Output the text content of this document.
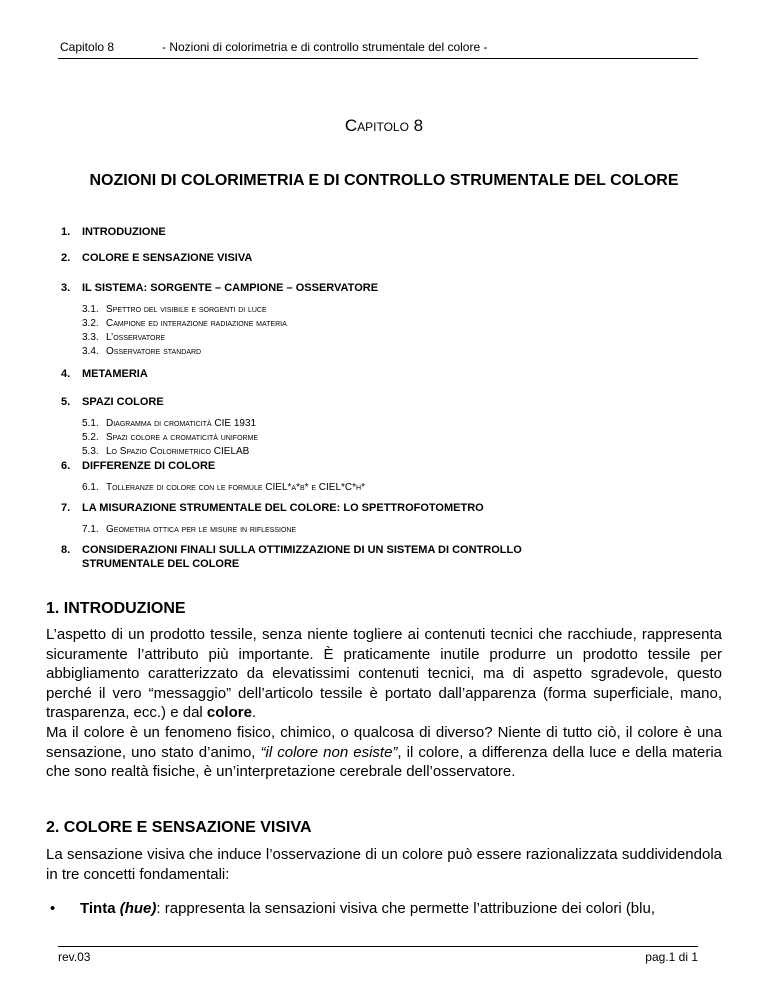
Capitolo 8	- Nozioni di colorimetria e di controllo strumentale del colore -
Capitolo 8
NOZIONI DI COLORIMETRIA E DI CONTROLLO STRUMENTALE DEL COLORE
1. INTRODUZIONE
2. COLORE E SENSAZIONE VISIVA
3. IL SISTEMA: SORGENTE – CAMPIONE – OSSERVATORE
3.1. Spettro del visibile e sorgenti di luce
3.2. Campione ed interazione radiazione materia
3.3. L’osservatore
3.4. Osservatore standard
4. METAMERIA
5. SPAZI COLORE
5.1. Diagramma di cromaticità CIE 1931
5.2. Spazi colore a cromaticità uniforme
5.3. Lo Spazio Colorimetrico CIELAB
6. DIFFERENZE DI COLORE
6.1. Tolleranze di colore con le formule CIEL*a*b* e CIEL*C*h*
7. LA MISURAZIONE STRUMENTALE DEL COLORE: LO SPETTROFOTOMETRO
7.1. Geometria ottica per le misure in riflessione
8. CONSIDERAZIONI FINALI SULLA OTTIMIZZAZIONE DI UN SISTEMA DI CONTROLLO
STRUMENTALE DEL COLORE
1. INTRODUZIONE
L’aspetto di un prodotto tessile, senza niente togliere ai contenuti tecnici che racchiude, rappresenta sicuramente l’attributo più importante. È praticamente inutile produrre un prodotto tessile per abbigliamento caratterizzato da elevatissimi contenuti tecnici, ma di aspetto sgradevole, questo perché il vero “messaggio” dell’articolo tessile è portato dall’apparenza (forma superficiale, mano, trasparenza, ecc.) e dal colore.
Ma il colore è un fenomeno fisico, chimico, o qualcosa di diverso? Niente di tutto ciò, il colore è una sensazione, uno stato d’animo, “il colore non esiste”, il colore, a differenza della luce e della materia che sono realtà fisiche, è un’interpretazione cerebrale dell’osservatore.
2. COLORE E SENSAZIONE VISIVA
La sensazione visiva che induce l’osservazione di un colore può essere razionalizzata suddividendola in tre concetti fondamentali:
• Tinta (hue): rappresenta la sensazioni visiva che permette l’attribuzione dei colori (blu,
rev.03	pag.1 di 1
